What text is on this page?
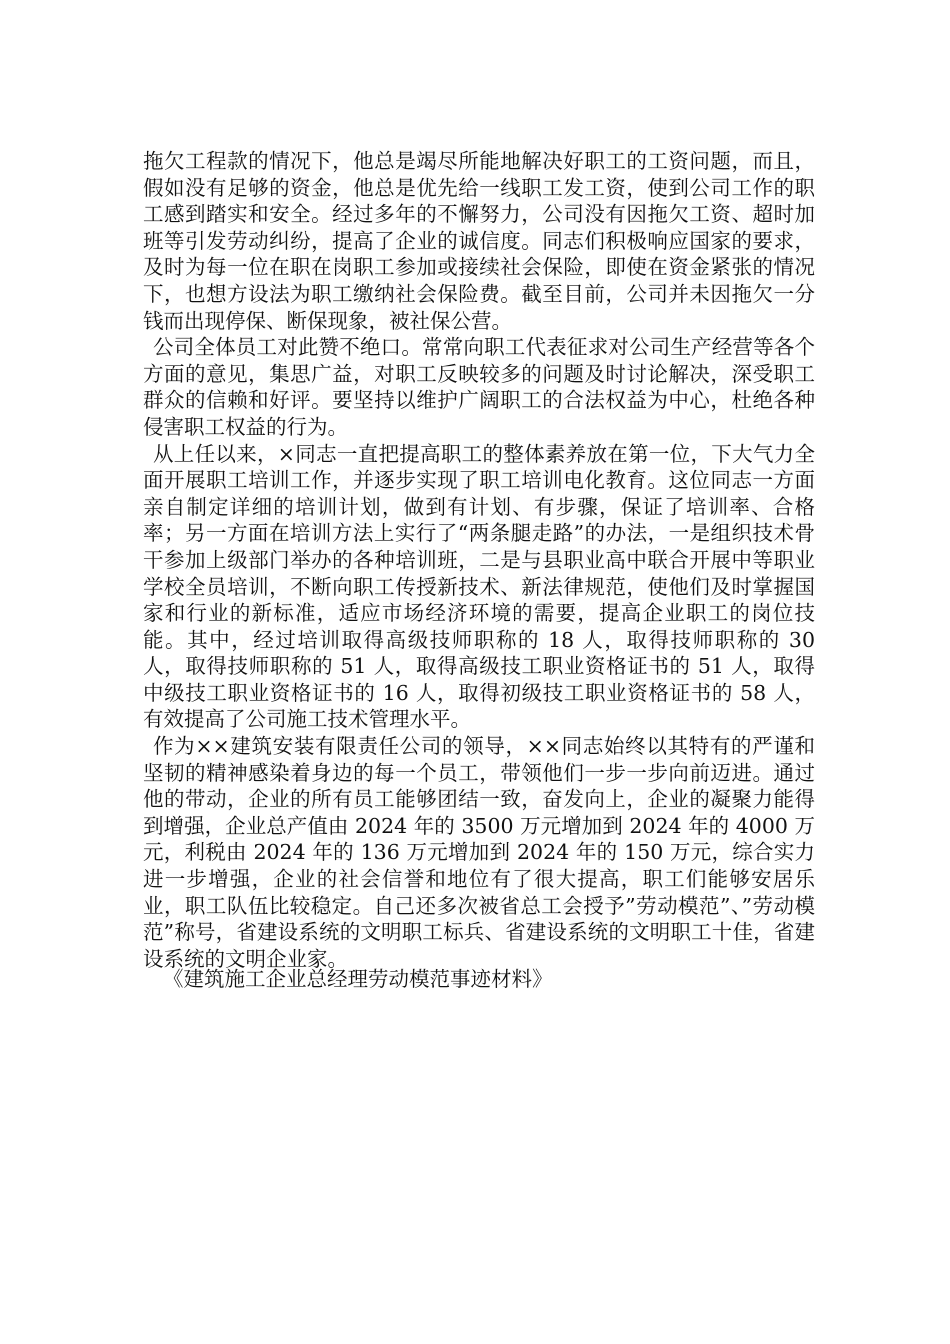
拖欠工程款的情况下，他总是竭尽所能地解决好职工的工资问题，而且，假如没有足够的资金，他总是优先给一线职工发工资，使到公司工作的职工感到踏实和安全。经过多年的不懈努力，公司没有因拖欠工资、超时加班等引发劳动纠纷，提高了企业的诚信度。同志们积极响应国家的要求，及时为每一位在职在岗职工参加或接续社会保险，即使在资金紧张的情况下，也想方设法为职工缴纳社会保险费。截至目前，公司并未因拖欠一分钱而出现停保、断保现象，被社保公营。

公司全体员工对此赞不绝口。常常向职工代表征求对公司生产经营等各个方面的意见，集思广益，对职工反映较多的问题及时讨论解决，深受职工群众的信赖和好评。要坚持以维护广阔职工的合法权益为中心，杜绝各种侵害职工权益的行为。

从上任以来，×同志一直把提高职工的整体素养放在第一位，下大气力全面开展职工培训工作，并逐步实现了职工培训电化教育。这位同志一方面亲自制定详细的培训计划，做到有计划、有步骤，保证了培训率、合格率；另一方面在培训方法上实行了“两条腿走路”的办法，一是组织技术骨干参加上级部门举办的各种培训班，二是与县职业高中联合开展中等职业学校全员培训，不断向职工传授新技术、新法律规范，使他们及时掌握国家和行业的新标准，适应市场经济环境的需要，提高企业职工的岗位技能。其中，经过培训取得高级技师职称的 18 人，取得技师职称的 30 人，取得技师职称的 51 人，取得高级技工职业资格证书的 51 人，取得中级技工职业资格证书的 16 人，取得初级技工职业资格证书的 58 人，有效提高了公司施工技术管理水平。

作为××建筑安装有限责任公司的领导，××同志始终以其特有的严谨和坚韧的精神感染着身边的每一个员工，带领他们一步一步向前迈进。通过他的带动，企业的所有员工能够团结一致，奋发向上，企业的凝聚力能得到增强，企业总产值由 2024 年的 3500 万元增加到 2024 年的 4000 万元，利税由 2024 年的 136 万元增加到 2024 年的 150 万元，综合实力进一步增强，企业的社会信誉和地位有了很大提高，职工们能够安居乐业，职工队伍比较稳定。自己还多次被省总工会授予”劳动模范”、”劳动模范”称号，省建设系统的文明职工标兵、省建设系统的文明职工十佳，省建设系统的文明企业家。

《建筑施工企业总经理劳动模范事迹材料》
